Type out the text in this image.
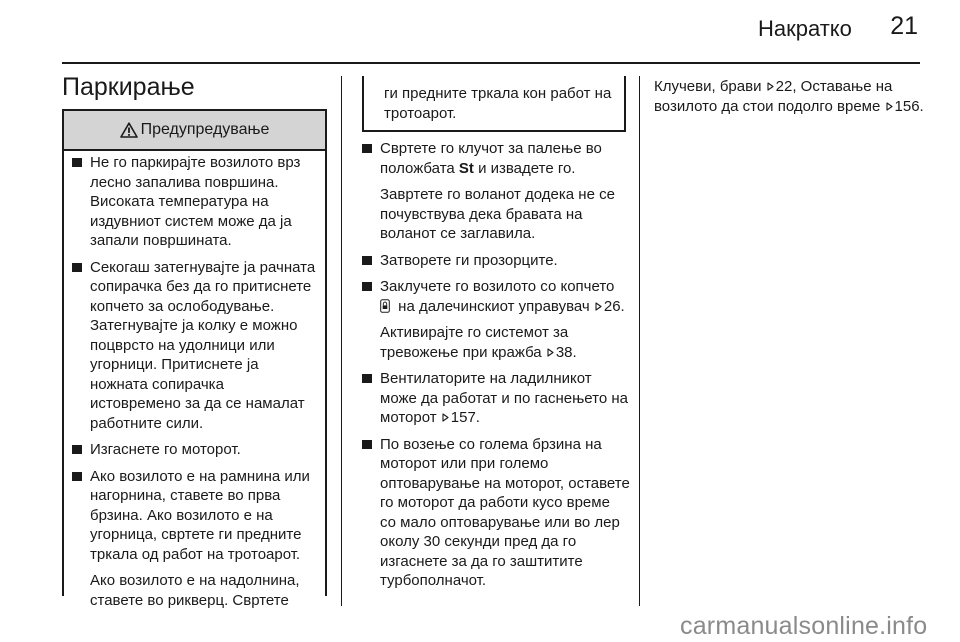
Накратко	21
Паркирање
Предупредување

Не го паркирајте возилото врз лесно запалива површина. Високата температура на издувниот систем може да ја запали површината.

Секогаш затегнувајте ја рачната сопирачка без да го притиснете копчето за ослободување. Затегнувајте ја колку е можно поцврсто на удолници или угорници. Притиснете ја ножната сопирачка истовремено за да се намалат работните сили.

Изгаснете го моторот.

Ако возилото е на рамнина или нагорнина, ставете во прва брзина. Ако возилото е на угорница, свртете ги предните тркала од работ на тротоарот.

Ако возилото е на надолнина, ставете во рикверц. Свртете

ги предните тркала кон работ на тротоарот.

Свртете го клучот за палење во положбата St и извадете го.

Завртете го воланот додека не се почувствува дека бравата на воланот се заглавила.

Затворете ги прозорците.

Заклучете го возилото со копчето
на далечинскиот управувач 26.

Активирајте го системот за тревожење при кражба 38.

Вентилаторите на ладилникот може да работат и по гаснењето на моторот 157.

По возење со голема брзина на моторот или при големо оптоварување на моторот, оставете го моторот да работи кусо време со мало оптоварување или во лер околу 30 секунди пред да го изгаснете за да го заштитите турбополначот.

Клучеви, брави 22, Оставање на возилото да стои подолго време 156.

carmanualsonline.info
